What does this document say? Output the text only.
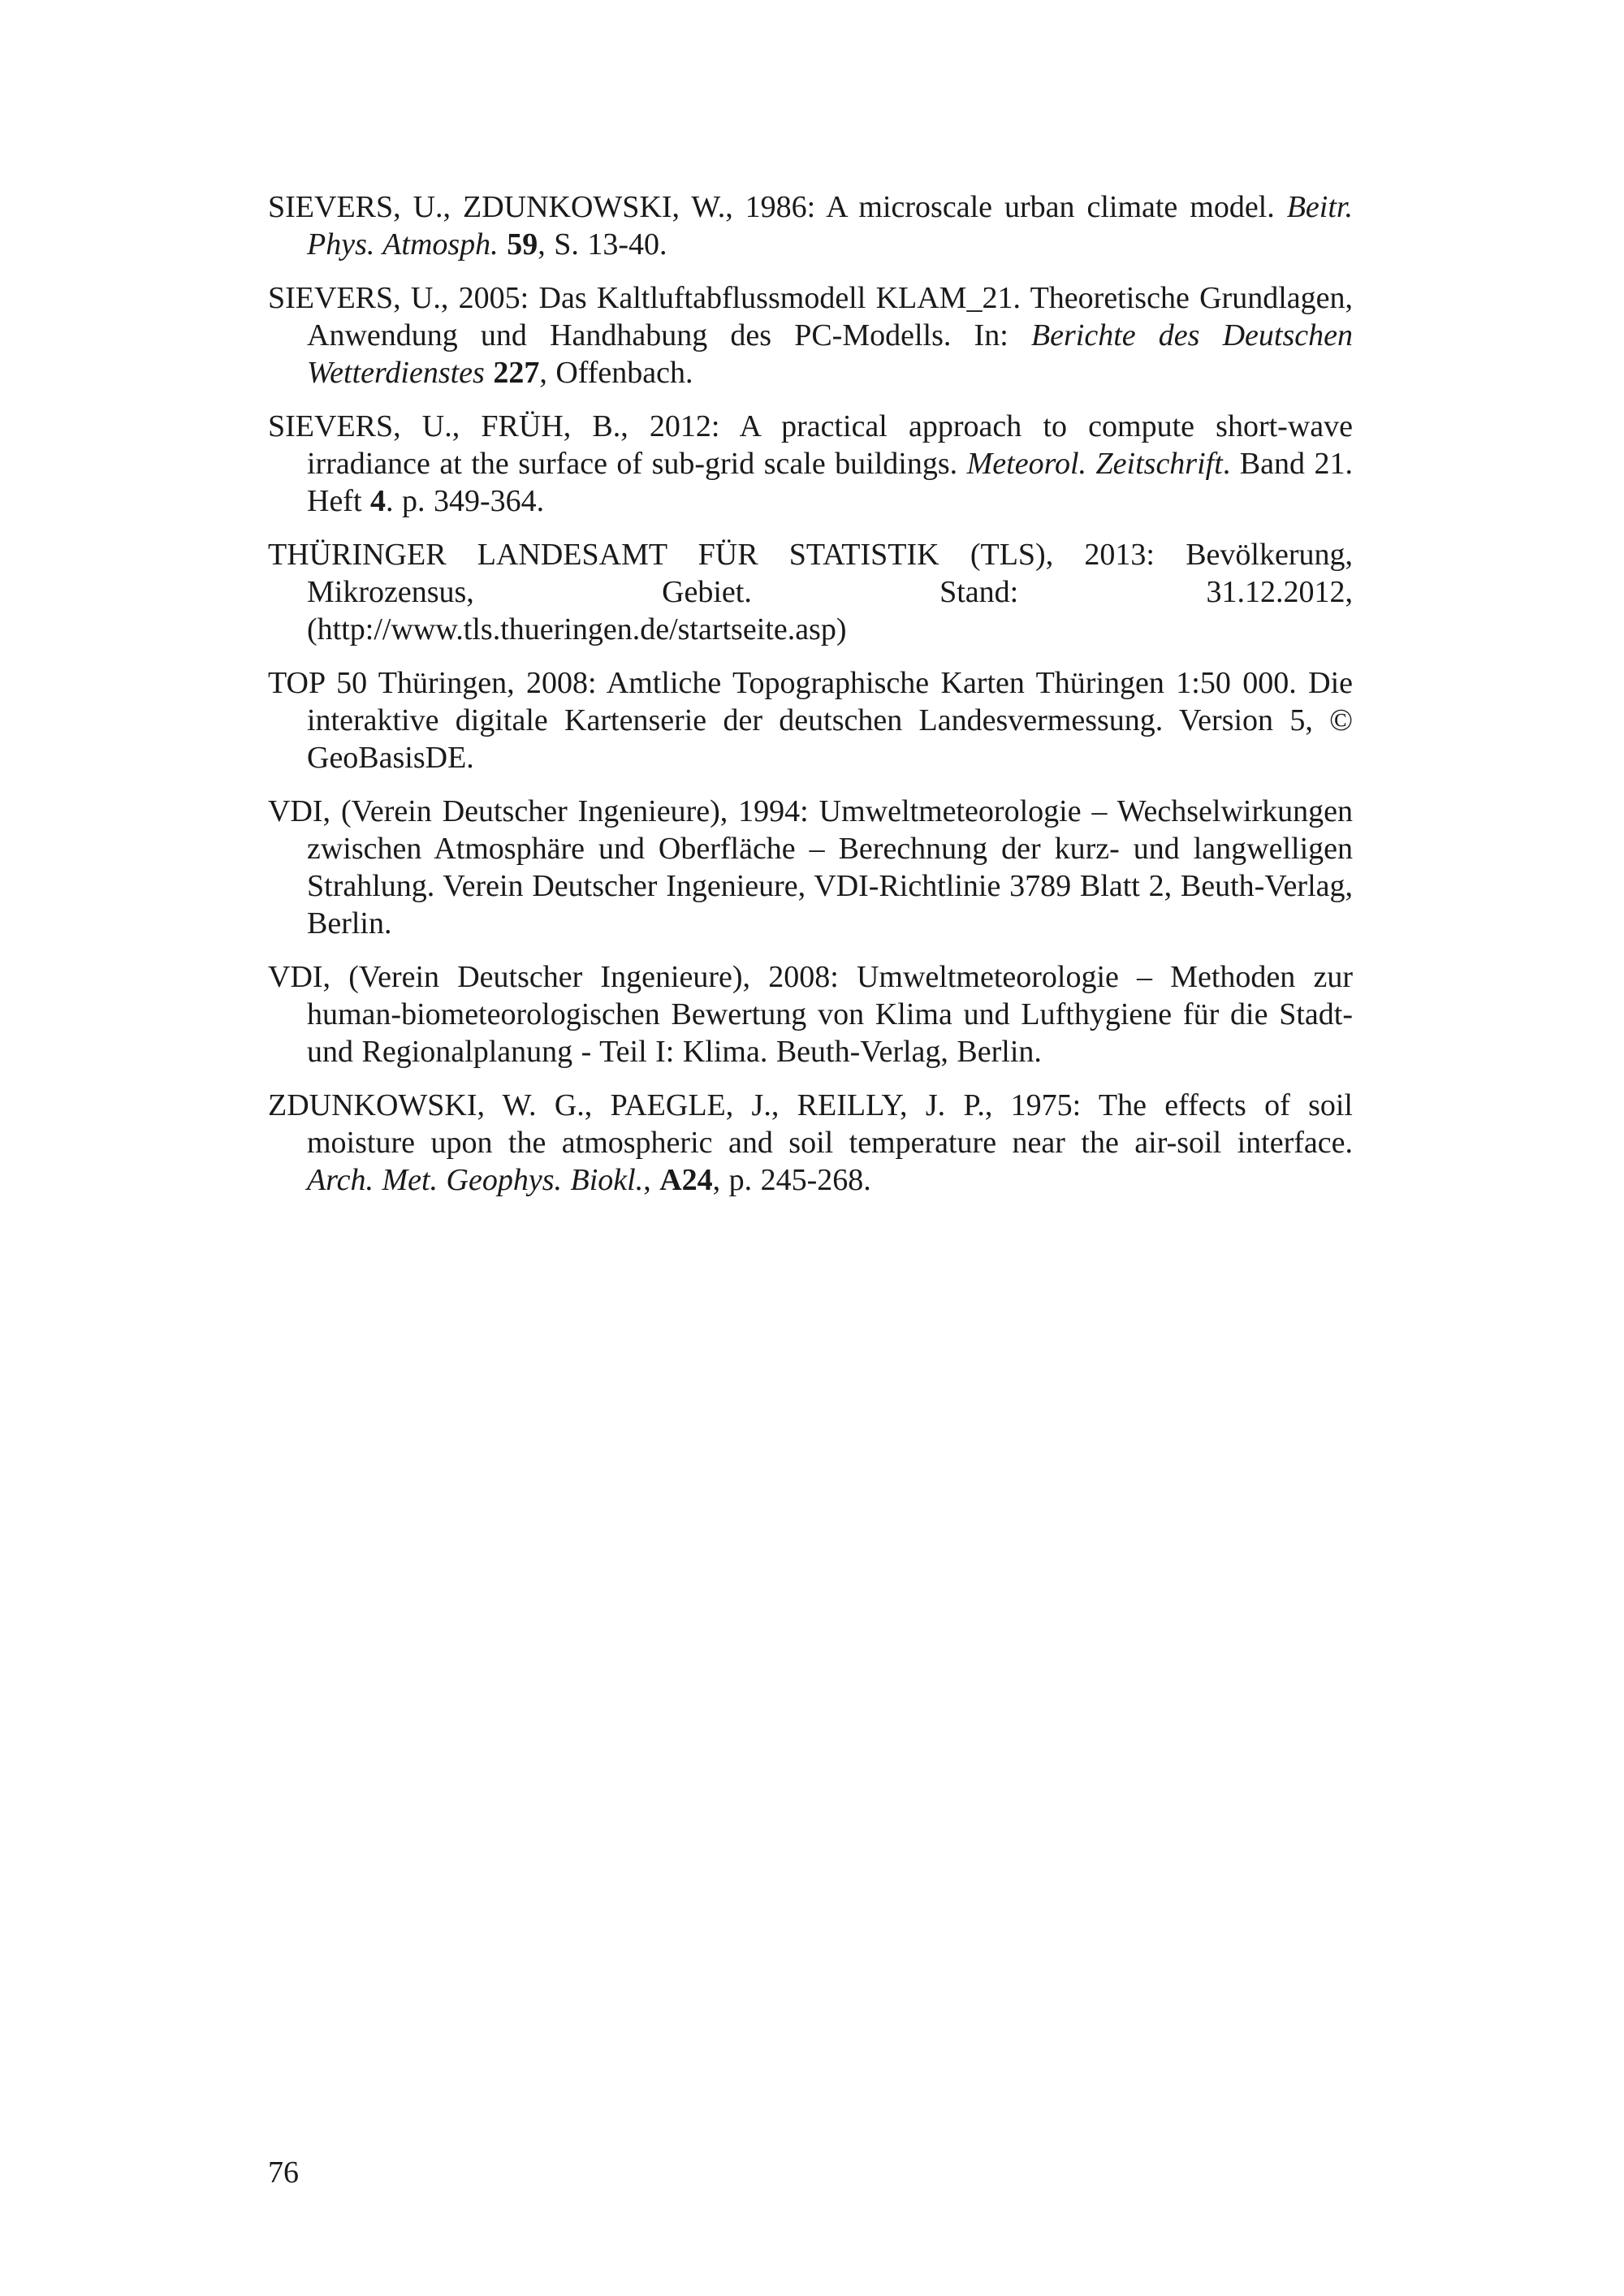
SIEVERS, U., ZDUNKOWSKI, W., 1986: A microscale urban climate model. Beitr. Phys. Atmosph. 59, S. 13-40.

SIEVERS, U., 2005: Das Kaltluftabflussmodell KLAM_21. Theoretische Grundlagen, Anwendung und Handhabung des PC-Modells. In: Berichte des Deutschen Wetterdienstes 227, Offenbach.

SIEVERS, U., FRÜH, B., 2012: A practical approach to compute short-wave irradiance at the surface of sub-grid scale buildings. Meteorol. Zeitschrift. Band 21. Heft 4. p. 349-364.

THÜRINGER LANDESAMT FÜR STATISTIK (TLS), 2013: Bevölkerung, Mikrozensus, Gebiet. Stand: 31.12.2012, (http://www.tls.thueringen.de/startseite.asp)

TOP 50 Thüringen, 2008: Amtliche Topographische Karten Thüringen 1:50 000. Die interaktive digitale Kartenserie der deutschen Landesvermessung. Version 5, © GeoBasisDE.

VDI, (Verein Deutscher Ingenieure), 1994: Umweltmeteorologie – Wechselwirkungen zwischen Atmosphäre und Oberfläche – Berechnung der kurz- und langwelligen Strahlung. Verein Deutscher Ingenieure, VDI-Richtlinie 3789 Blatt 2, Beuth-Verlag, Berlin.

VDI, (Verein Deutscher Ingenieure), 2008: Umweltmeteorologie – Methoden zur human-biometeorologischen Bewertung von Klima und Lufthygiene für die Stadt- und Regionalplanung - Teil I: Klima. Beuth-Verlag, Berlin.

ZDUNKOWSKI, W. G., PAEGLE, J., REILLY, J. P., 1975: The effects of soil moisture upon the atmospheric and soil temperature near the air-soil interface. Arch. Met. Geophys. Biokl., A24, p. 245-268.

76
